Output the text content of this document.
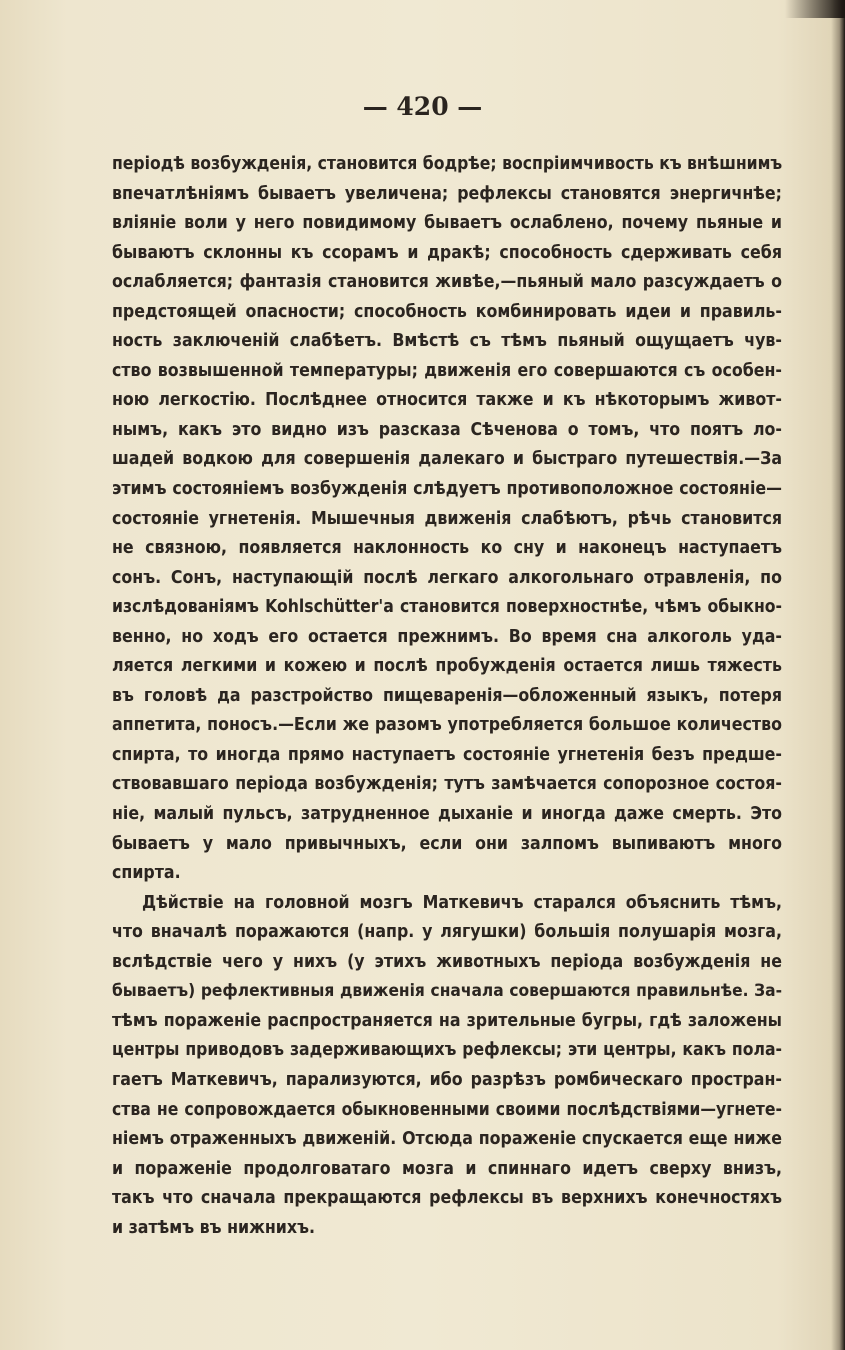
— 420 —
періодѣ возбужденія, становится бодрѣе; воспріимчивость къ внѣшнимъ
впечатлѣніямъ бываетъ увеличена; рефлексы становятся энергичнѣе;
вліяніе воли у него повидимому бываетъ ослаблено, почему пьяные и
бываютъ склонны къ ссорамъ и дракѣ; способность сдерживать себя
ослабляется; фантазія становится живѣе,—пьяный мало разсуждаетъ о
предстоящей опасности; способность комбинировать идеи и правиль-
ность заключеній слабѣетъ. Вмѣстѣ съ тѣмъ пьяный ощущаетъ чув-
ство возвышенной температуры; движенія его совершаются съ особен-
ною легкостію. Послѣднее относится также и къ нѣкоторымъ живот-
нымъ, какъ это видно изъ разсказа Сѣченова о томъ, что поятъ ло-
шадей водкою для совершенія далекаго и быстраго путешествія.—За
этимъ состояніемъ возбужденія слѣдуетъ противоположное состояніе—
состояніе угнетенія. Мышечныя движенія слабѣютъ, рѣчь становится
не связною, появляется наклонность ко сну и наконецъ наступаетъ
сонъ. Сонъ, наступающій послѣ легкаго алкогольнаго отравленія, по
изслѣдованіямъ Kohlschütter'a становится поверхностнѣе, чѣмъ обыкно-
венно, но ходъ его остается прежнимъ. Во время сна алкоголь уда-
ляется легкими и кожею и послѣ пробужденія остается лишь тяжесть
въ головѣ да разстройство пищеваренія—обложенный языкъ, потеря
аппетита, поносъ.—Если же разомъ употребляется большое количество
спирта, то иногда прямо наступаетъ состояніе угнетенія безъ предше-
ствовавшаго періода возбужденія; тутъ замѣчается сопорозное состоя-
ніе, малый пульсъ, затрудненное дыханіе и иногда даже смерть. Это
бываетъ у мало привычныхъ, если они залпомъ выпиваютъ много
спирта.
Дѣйствіе на головной мозгъ Маткевичъ старался объяснить тѣмъ,
что вначалѣ поражаются (напр. у лягушки) большія полушарія мозга,
вслѣдствіе чего у нихъ (у этихъ животныхъ періода возбужденія не
бываетъ) рефлективныя движенія сначала совершаются правильнѣе. За-
тѣмъ пораженіе распространяется на зрительные бугры, гдѣ заложены
центры приводовъ задерживающихъ рефлексы; эти центры, какъ пола-
гаетъ Маткевичъ, парализуются, ибо разрѣзъ ромбическаго простран-
ства не сопровождается обыкновенными своими послѣдствіями—угнете-
ніемъ отраженныхъ движеній. Отсюда пораженіе спускается еще ниже
и пораженіе продолговатаго мозга и спиннаго идетъ сверху внизъ,
такъ что сначала прекращаются рефлексы въ верхнихъ конечностяхъ
и затѣмъ въ нижнихъ.
